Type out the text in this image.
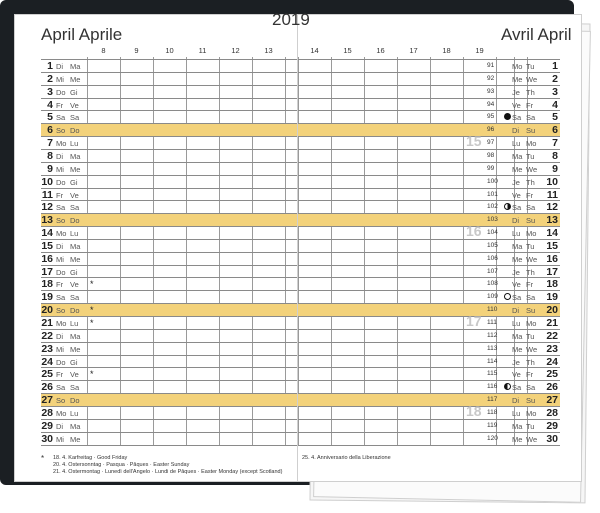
April Aprile
8	9	10	11	12	13
1 Di Ma
2 Mi Me
3 Do Gi
4 Fr Ve
5 Sa Sa
6 So Do
7 Mo Lu
8 Di Ma
9 Mi Me
10 Do Gi
11 Fr Ve
12 Sa Sa
13 So Do
14 Mo Lu
15 Di Ma
16 Mi Me
17 Do Gi
18 Fr Ve *
19 Sa Sa
20 So Do *
21 Mo Lu *
22 Di Ma
23 Mi Me
24 Do Gi
25 Fr Ve *
26 Sa Sa
27 So Do
28 Mo Lu
29 Di Ma
30 Mi Me
* 18. 4. Karfreitag · Good Friday
20. 4. Ostersonntag · Pasqua · Pâques · Easter Sunday
21. 4. Ostermontag · Lunedì dell'Angelo · Lundi de Pâques · Easter Monday (except Scotland)
Avril April
14	15	16	17	18	19
91 Mo Tu	1
92 Me We	2
93 Je Th	3
94 Ve Fr	4
95 Sa Sa	5
96 Di Su	6
97 Lu Mo	7
15
98 Ma Tu	8
99 Me We	9
100 Je Th	10
101 Ve Fr	11
102 Sa Sa	12
103 Di Su	13
104 Lu Mo 14
16
105 Ma Tu	15
106 Me We 16
107 Je Th	17
108 Ve Fr	18
109 Sa Sa	19
110 Di Su	20
111 Lu Mo 21
17
112 Ma Tu	22
113 Me We 23
114 Je Th	24
115 Ve Fr	25
116 Sa Sa	26
117 Di Su	27
118 Lu Mo 28
18
119 Ma Tu	29
120 Me We 30
25. 4. Anniversario della Liberazione
2019
